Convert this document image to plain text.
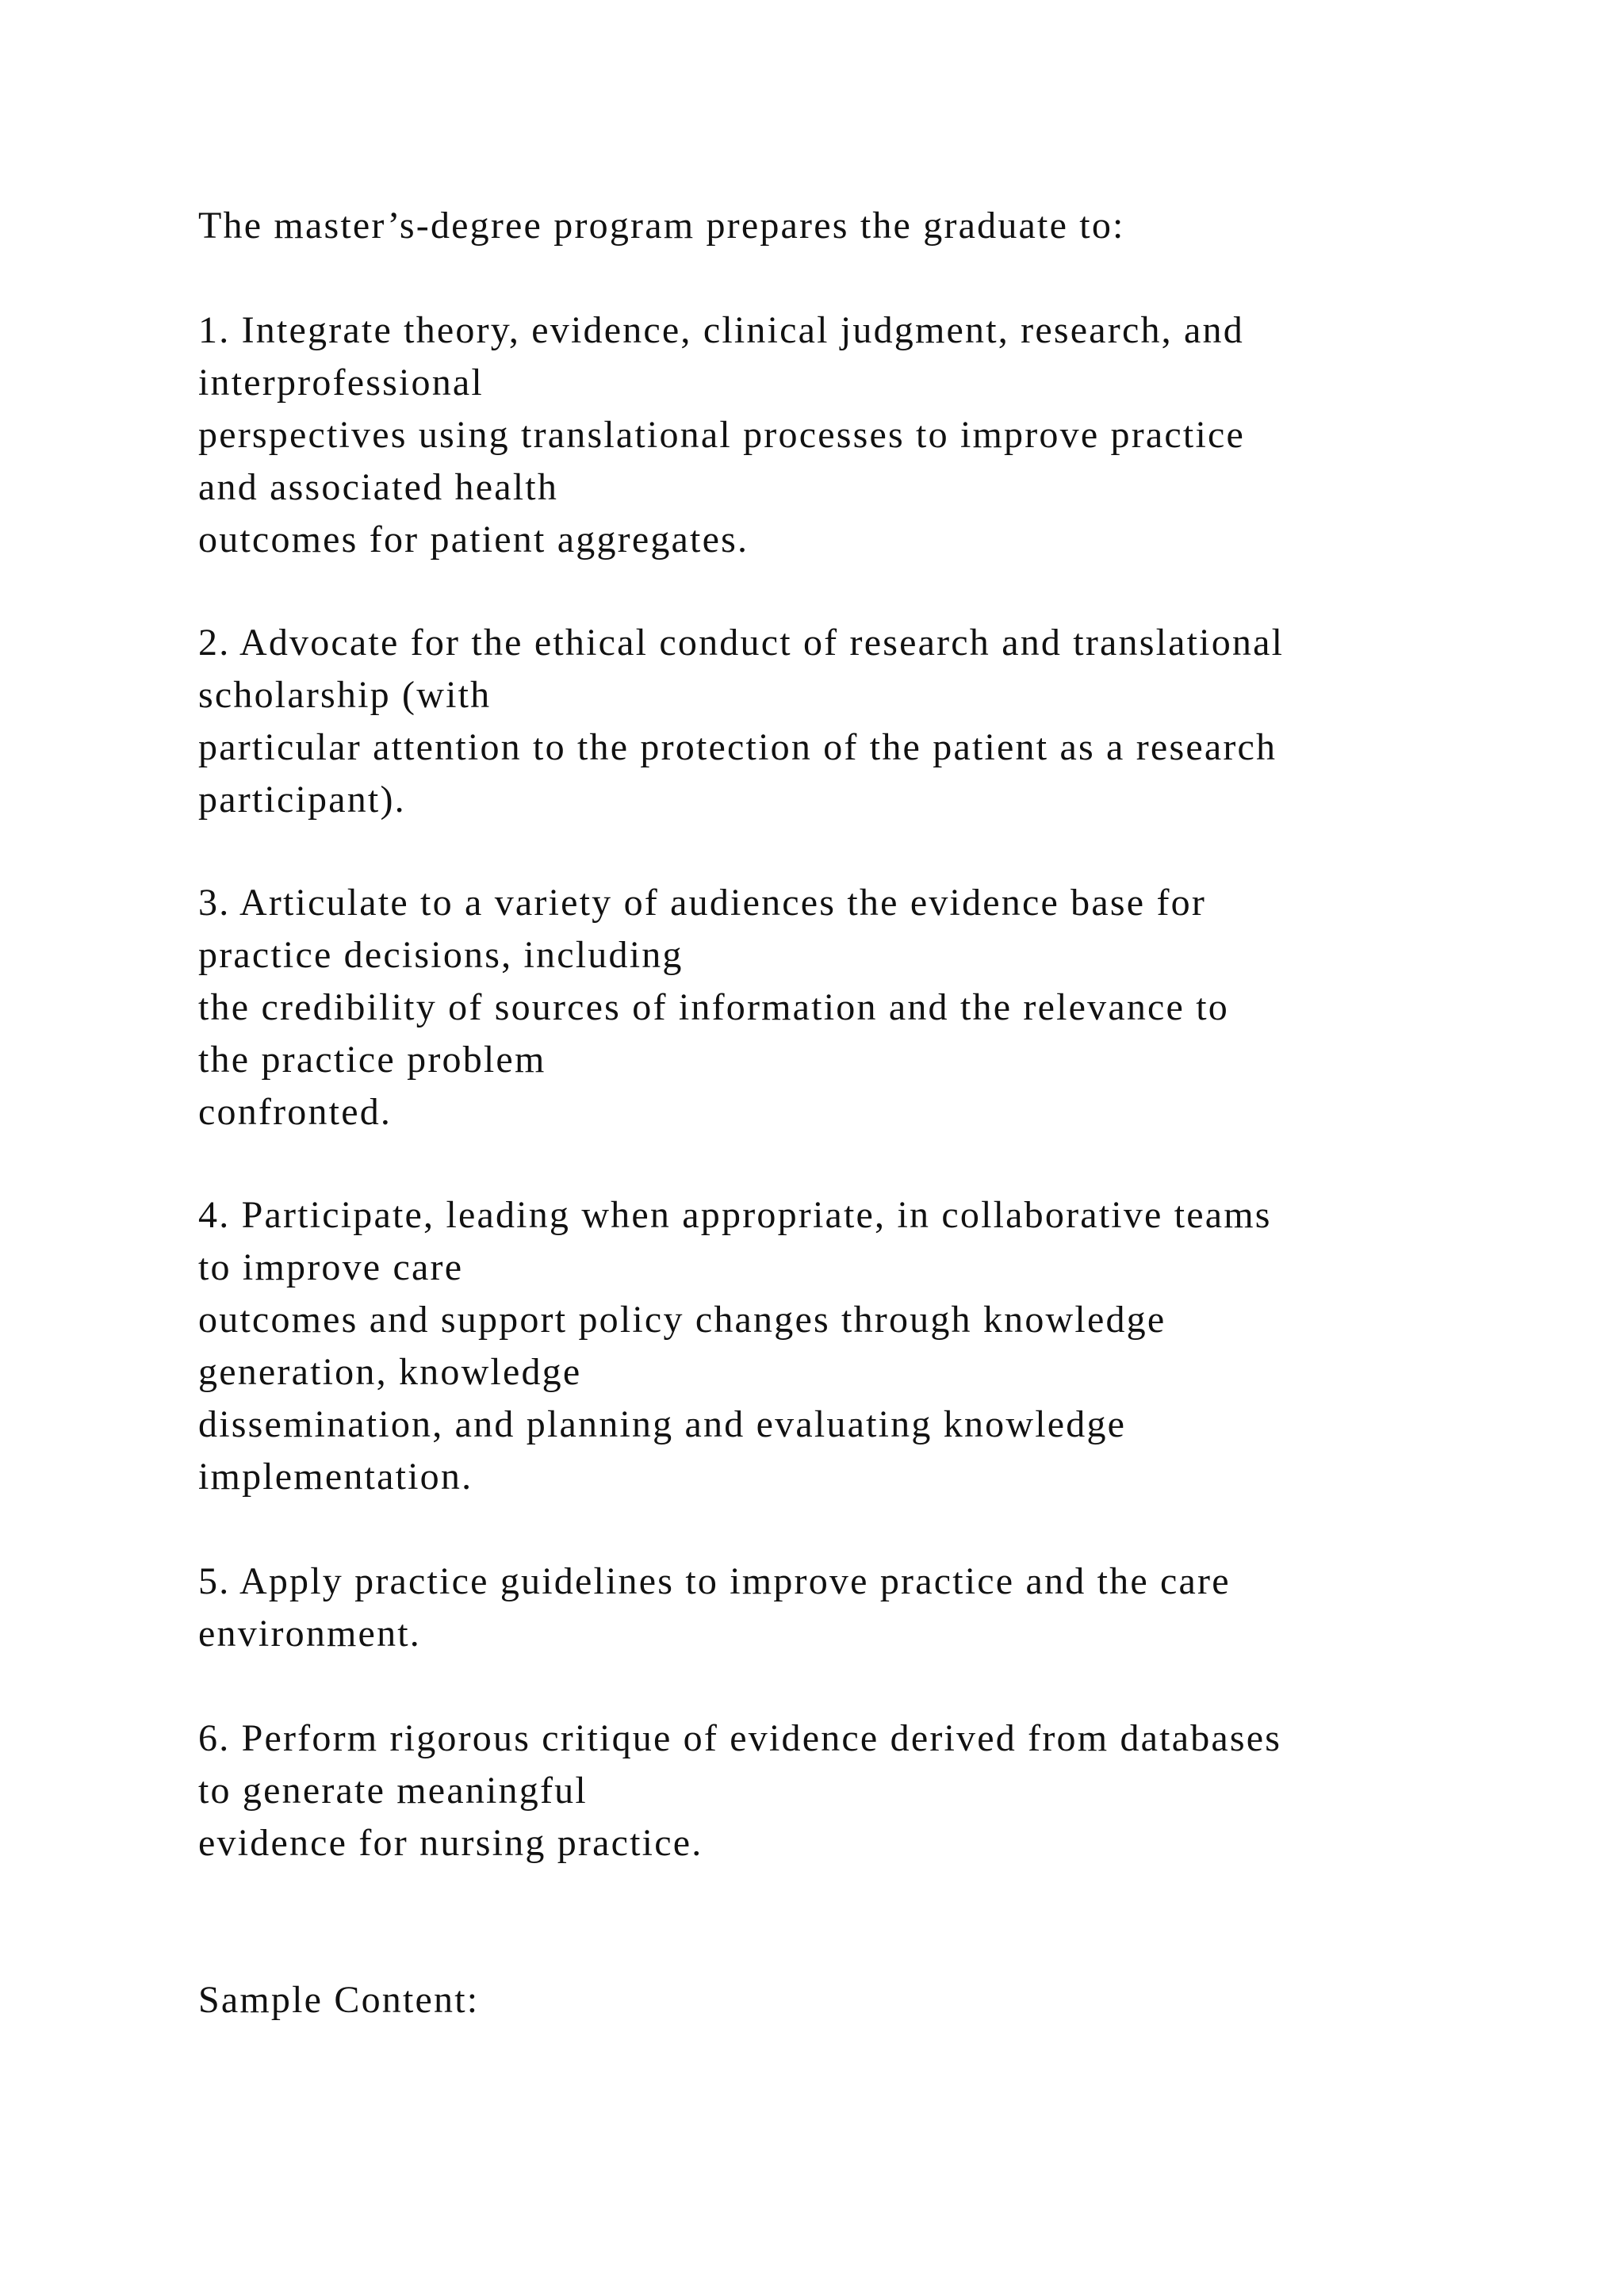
The master’s-degree program prepares the graduate to:
1. Integrate theory, evidence, clinical judgment, research, and
interprofessional
perspectives using translational processes to improve practice
and associated health
outcomes for patient aggregates.
2. Advocate for the ethical conduct of research and translational
scholarship (with
particular attention to the protection of the patient as a research
participant).
3. Articulate to a variety of audiences the evidence base for
practice decisions, including
the credibility of sources of information and the relevance to
the practice problem
confronted.
4. Participate, leading when appropriate, in collaborative teams
to improve care
outcomes and support policy changes through knowledge
generation, knowledge
dissemination, and planning and evaluating knowledge
implementation.
5. Apply practice guidelines to improve practice and the care
environment.
6. Perform rigorous critique of evidence derived from databases
to generate meaningful
evidence for nursing practice.
Sample Content:
